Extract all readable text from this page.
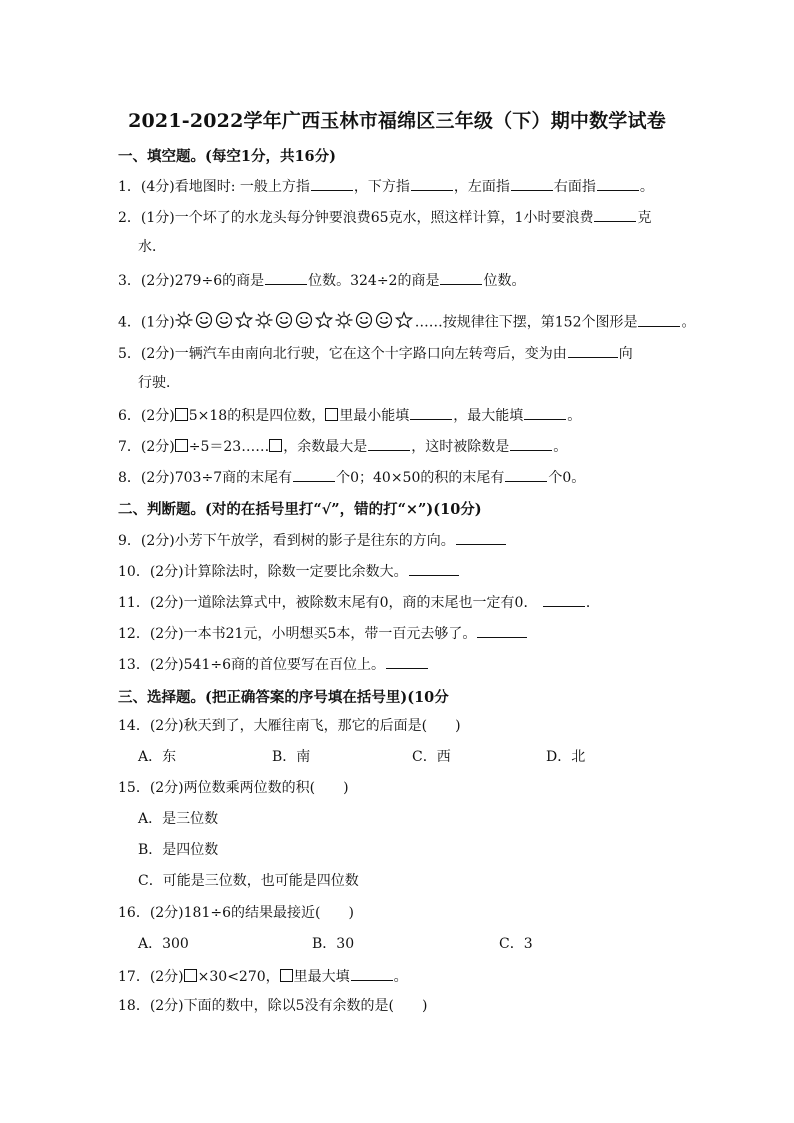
2021-2022学年广西玉林市福绵区三年级（下）期中数学试卷
一、填空题。(每空1分，共16分)
1．(4分)看地图时: 一般上方指	，下方指	，左面指	右面指	。
2．(1分)一个坏了的水龙头每分钟要浪费65克水，照这样计算，1小时要浪费	克
水．
3．(2分)279÷6的商是	位数。324÷2的商是	位数。
4．(1分)	……按规律往下摆，第152个图形是	。
5．(2分)一辆汽车由南向北行驶，它在这个十字路口向左转弯后，变为由	向
行驶．
6．(2分) 5×18的积是四位数， 里最小能填	，最大能填	。
7．(2分) ÷5＝23…… ，余数最大是	，这时被除数是	。
8．(2分)703÷7商的末尾有	个0；40×50的积的末尾有	个0。
二、判断题。(对的在括号里打“√”，错的打“×”)(10分)
9．(2分)小芳下午放学，看到树的影子是往东的方向。
10．(2分)计算除法时，除数一定要比余数大。
11．(2分)一道除法算式中，被除数末尾有0，商的末尾也一定有0．	．
12．(2分)一本书21元，小明想买5本，带一百元去够了。
13．(2分)541÷6商的首位要写在百位上。
三、选择题。(把正确答案的序号填在括号里)(10分
14．(2分)秋天到了，大雁往南飞，那它的后面是(　　)
A．东	B．南	C．西	D．北
15．(2分)两位数乘两位数的积(　　)
A．是三位数
B．是四位数
C．可能是三位数，也可能是四位数
16．(2分)181÷6的结果最接近(　　)
A．300	B．30	C．3
17．(2分) ×30<270， 里最大填	。
18．(2分)下面的数中，除以5没有余数的是(　　)
